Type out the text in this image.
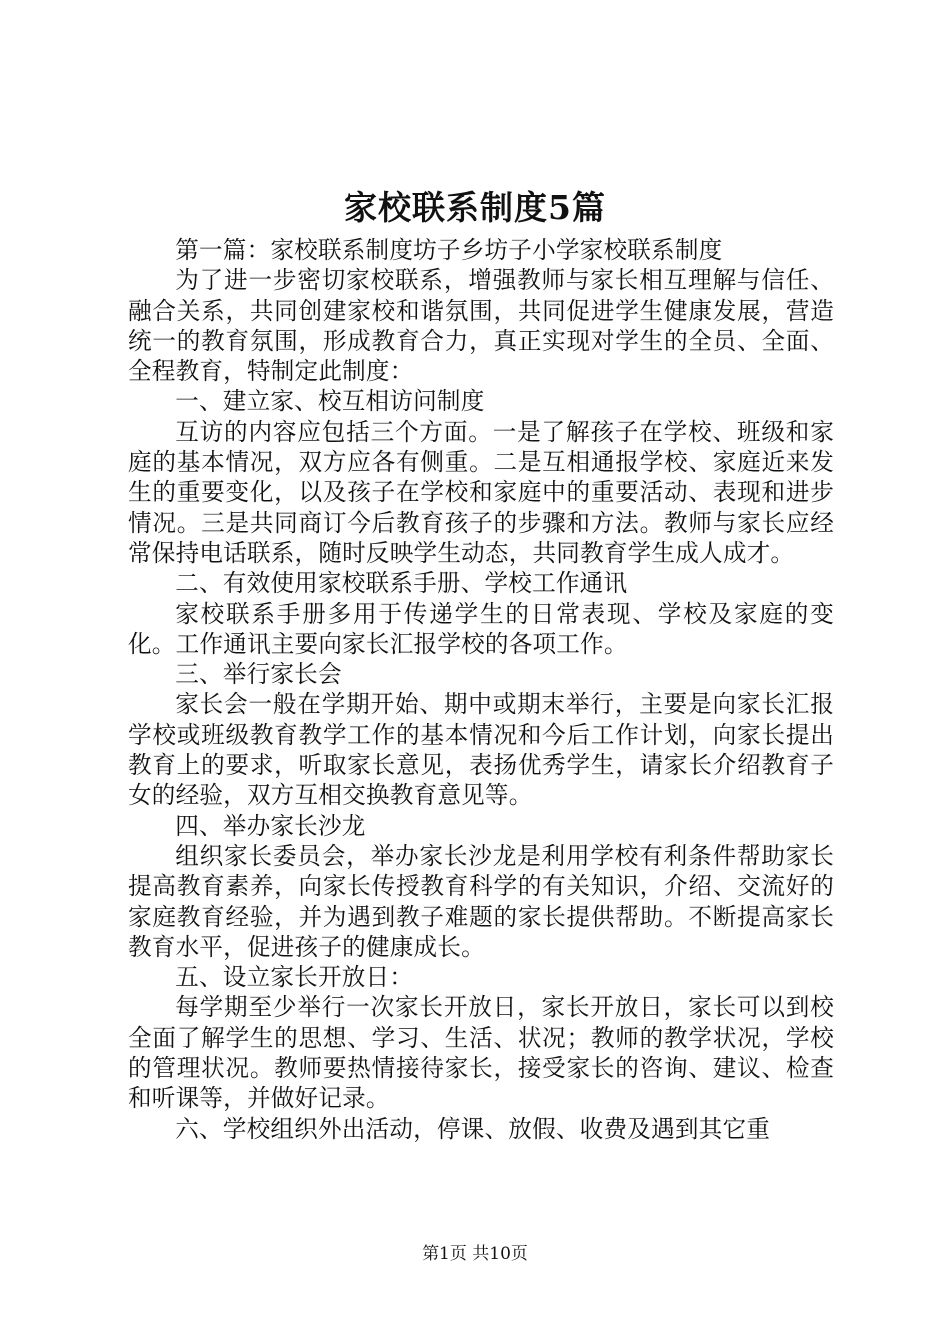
家校联系制度5篇

第一篇：家校联系制度坊子乡坊子小学家校联系制度

为了进一步密切家校联系，增强教师与家长相互理解与信任、融合关系，共同创建家校和谐氛围，共同促进学生健康发展，营造统一的教育氛围，形成教育合力，真正实现对学生的全员、全面、全程教育，特制定此制度：

一、建立家、校互相访问制度

互访的内容应包括三个方面。一是了解孩子在学校、班级和家庭的基本情况，双方应各有侧重。二是互相通报学校、家庭近来发生的重要变化，以及孩子在学校和家庭中的重要活动、表现和进步情况。三是共同商订今后教育孩子的步骤和方法。教师与家长应经常保持电话联系，随时反映学生动态，共同教育学生成人成才。

二、有效使用家校联系手册、学校工作通讯

家校联系手册多用于传递学生的日常表现、学校及家庭的变化。工作通讯主要向家长汇报学校的各项工作。

三、举行家长会

家长会一般在学期开始、期中或期末举行，主要是向家长汇报学校或班级教育教学工作的基本情况和今后工作计划，向家长提出教育上的要求，听取家长意见，表扬优秀学生，请家长介绍教育子女的经验，双方互相交换教育意见等。

四、举办家长沙龙

组织家长委员会，举办家长沙龙是利用学校有利条件帮助家长提高教育素养，向家长传授教育科学的有关知识，介绍、交流好的家庭教育经验，并为遇到教子难题的家长提供帮助。不断提高家长教育水平，促进孩子的健康成长。

五、设立家长开放日：

每学期至少举行一次家长开放日，家长开放日，家长可以到校全面了解学生的思想、学习、生活、状况；教师的教学状况，学校的管理状况。教师要热情接待家长，接受家长的咨询、建议、检查和听课等，并做好记录。

六、学校组织外出活动，停课、放假、收费及遇到其它重

第1页 共10页
